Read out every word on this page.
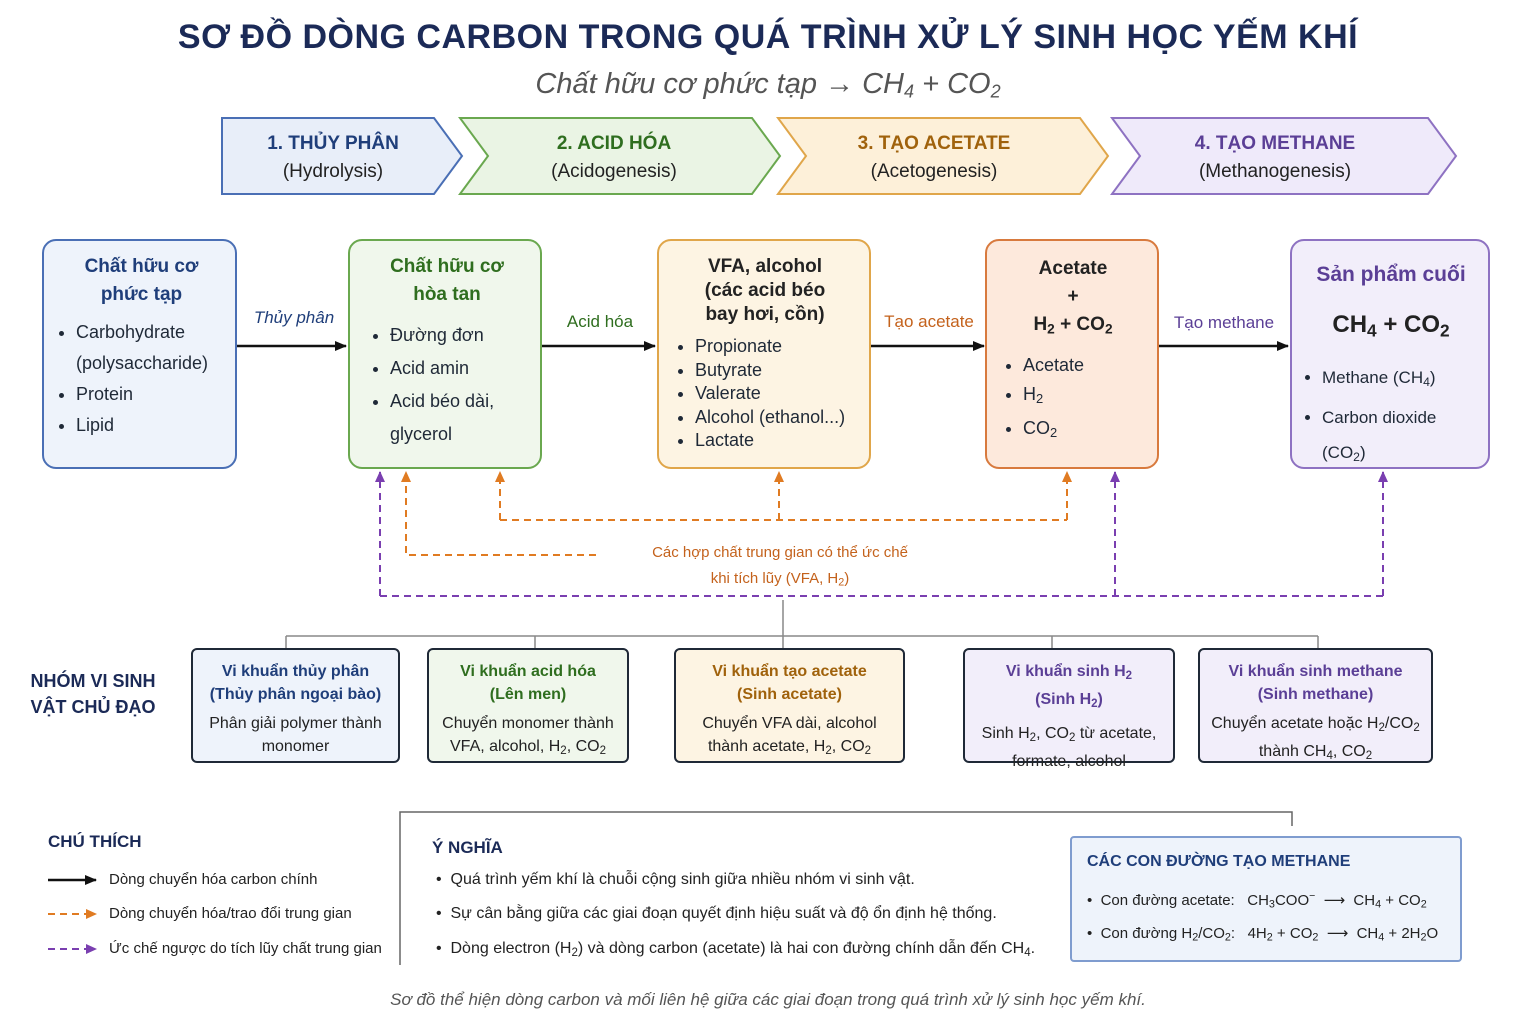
SƠ ĐỒ DÒNG CARBON TRONG QUÁ TRÌNH XỬ LÝ SINH HỌC YẾM KHÍ
Chất hữu cơ phức tạp → $CH_4 + CO_2$
1. THỦY PHÂN
(Hydrolysis)
2. ACID HÓA
(Acidogenesis)
3. TẠO ACETATE
(Acetogenesis)
4. TẠO METHANE
(Methanogenesis)
Chất hữu cơ
phức tạp
• Carbohydrate
(polysaccharide)
• Protein
• Lipid
Chất hữu cơ
hòa tan
• Đường đơn
• Acid amin
• Acid béo dài,
glycerol
VFA, alcohol
(các acid béo
bay hơi, cồn)
• Propionate
• Butyrate
• Valerate
• Alcohol (ethanol...)
• Lactate
Acetate
+
$H_2 + CO_2$
• Acetate
• $H_2$
• $CO_2$
Sản phẩm cuối
$CH_4 + CO_2$
• Methane $(CH_4)$
• Carbon dioxide $(CO_2)$
Thủy phân	Acid hóa	Tạo acetate	Tạo methane
Các hợp chất trung gian có thể ức chế
khi tích lũy (VFA, $H_2$)
NHÓM VI SINH
VẬT CHỦ ĐẠO
Vi khuẩn thủy phân
(Thủy phân ngoại bào)
Phân giải polymer thành
monomer
Vi khuẩn acid hóa
(Lên men)
Chuyển monomer thành
VFA, alcohol, $H_2$, $CO_2$
Vi khuẩn tạo acetate
(Sinh acetate)
Chuyển VFA dài, alcohol
thành acetate, $H_2$, $CO_2$
Vi khuẩn $\sinh H_2$
(Sinh $H_2$)
Sinh $H_2$, $CO_2$ từ acetate,
formate, alcohol
Vi khuẩn sinh methane
(Sinh methane)
Chuyển acetate hoặc $H_2/CO_2$
thành $CH_4$, $CO_2$
CHÚ THÍCH
Dòng chuyển hóa carbon chính
Dòng chuyển hóa/trao đổi trung gian
Ức chế ngược do tích lũy chất trung gian
Ý NGHĨA
•  Quá trình yếm khí là chuỗi cộng sinh giữa nhiều nhóm vi sinh vật.
•  Sự cân bằng giữa các giai đoạn quyết định hiệu suất và độ ổn định hệ thống.
•  Dòng electron $(H_2)$ và dòng carbon (acetate) là hai con đường chính dẫn đến $CH_4$.
CÁC CON ĐƯỜNG TẠO METHANE
•  Con đường acetate: $CH_3COO^-$  ⟶  $CH_4 + CO_2$
•  Con đường $H_2/CO_2$:   $4H_2 + CO_2$  ⟶  $CH_4 + 2H_2O$
Sơ đồ thể hiện dòng carbon và mối liên hệ giữa các giai đoạn trong quá trình xử lý sinh học yếm khí.
